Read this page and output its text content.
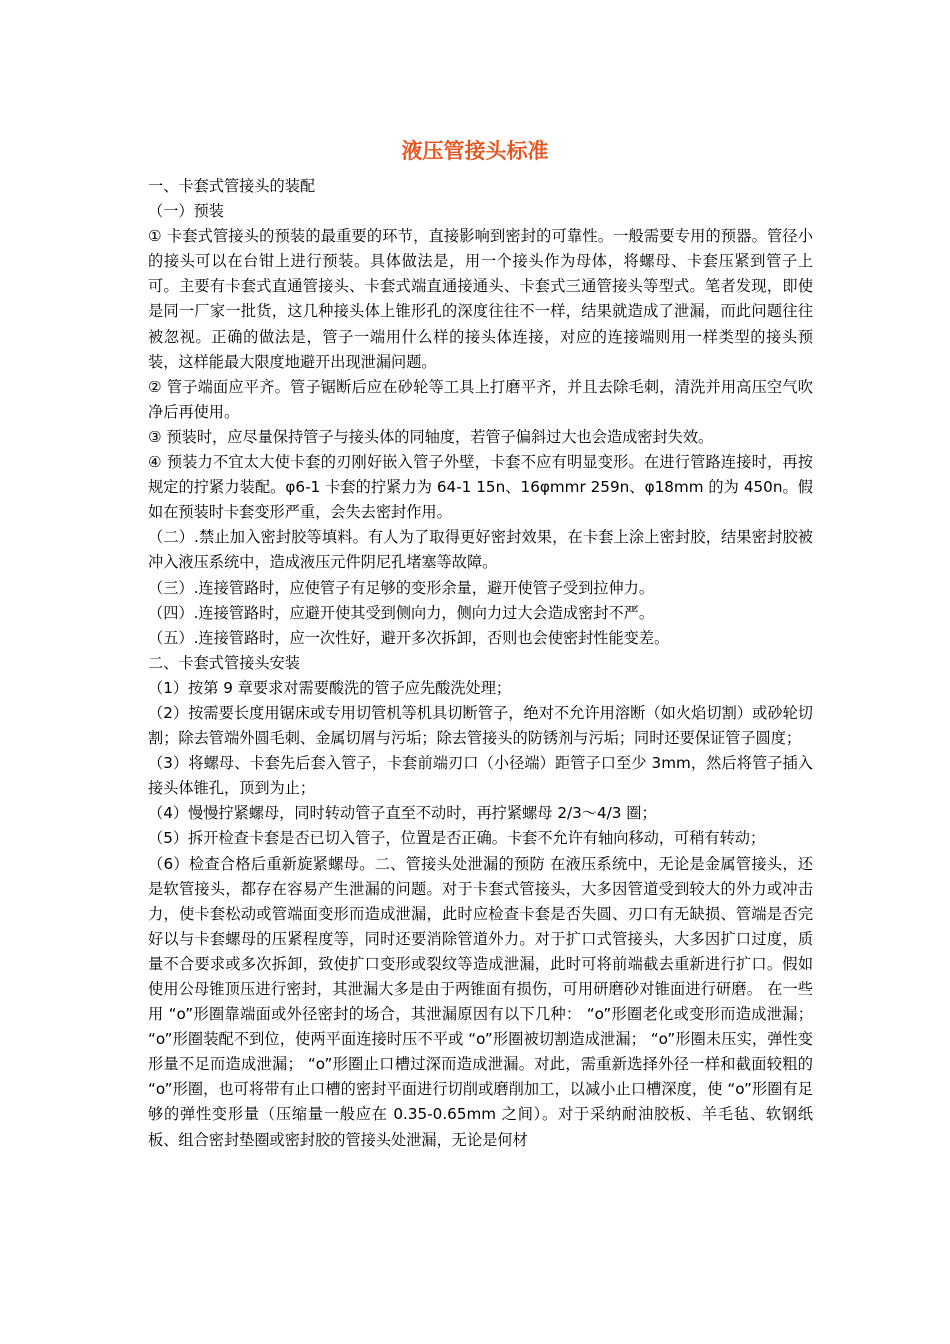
液压管接头标准

一、卡套式管接头的装配

（一）预装

① 卡套式管接头的预装的最重要的环节，直接影响到密封的可靠性。一般需要专用的预器。管径小的接头可以在台钳上进行预装。具体做法是，用一个接头作为母体，将螺母、卡套压紧到管子上可。主要有卡套式直通管接头、卡套式端直通接通头、卡套式三通管接头等型式。笔者发现，即使是同一厂家一批货，这几种接头体上锥形孔的深度往往不一样，结果就造成了泄漏，而此问题往往被忽视。正确的做法是，管子一端用什么样的接头体连接，对应的连接端则用一样类型的接头预装，这样能最大限度地避开出现泄漏问题。

② 管子端面应平齐。管子锯断后应在砂轮等工具上打磨平齐，并且去除毛刺，清洗并用高压空气吹净后再使用。

③ 预装时，应尽量保持管子与接头体的同轴度，若管子偏斜过大也会造成密封失效。

④ 预装力不宜太大使卡套的刃刚好嵌入管子外壁，卡套不应有明显变形。在进行管路连接时，再按规定的拧紧力装配。φ6-1 卡套的拧紧力为 64-1 15n、16φmmr 259n、φ18mm 的为 450n。假如在预装时卡套变形严重，会失去密封作用。

（二）.禁止加入密封胶等填料。有人为了取得更好密封效果，在卡套上涂上密封胶，结果密封胶被冲入液压系统中，造成液压元件阴尼孔堵塞等故障。

（三）.连接管路时，应使管子有足够的变形余量，避开使管子受到拉伸力。

（四）.连接管路时，应避开使其受到侧向力，侧向力过大会造成密封不严。

（五）.连接管路时，应一次性好，避开多次拆卸，否则也会使密封性能变差。

二、卡套式管接头安装

（1）按第 9 章要求对需要酸洗的管子应先酸洗处理；

（2）按需要长度用锯床或专用切管机等机具切断管子，绝对不允许用溶断（如火焰切割）或砂轮切割；除去管端外圆毛刺、金属切屑与污垢；除去管接头的防锈剂与污垢；同时还要保证管子圆度；

（3）将螺母、卡套先后套入管子，卡套前端刃口（小径端）距管子口至少 3mm，然后将管子插入接头体锥孔，顶到为止；

（4）慢慢拧紧螺母，同时转动管子直至不动时，再拧紧螺母 2/3～4/3 圈；

（5）拆开检查卡套是否已切入管子，位置是否正确。卡套不允许有轴向移动，可稍有转动；

（6）检查合格后重新旋紧螺母。二、管接头处泄漏的预防 在液压系统中，无论是金属管接头，还是软管接头，都存在容易产生泄漏的问题。对于卡套式管接头，大多因管道受到较大的外力或冲击力，使卡套松动或管端面变形而造成泄漏，此时应检查卡套是否失圆、刃口有无缺损、管端是否完好以与卡套螺母的压紧程度等，同时还要消除管道外力。对于扩口式管接头，大多因扩口过度，质量不合要求或多次拆卸，致使扩口变形或裂纹等造成泄漏，此时可将前端截去重新进行扩口。假如使用公母锥顶压进行密封，其泄漏大多是由于两锥面有损伤，可用研磨砂对锥面进行研磨。 在一些用 “o”形圈靠端面或外径密封的场合，其泄漏原因有以下几种： “o”形圈老化或变形而造成泄漏； “o”形圈装配不到位，使两平面连接时压不平或 “o”形圈被切割造成泄漏； “o”形圈未压实，弹性变形量不足而造成泄漏； “o”形圈止口槽过深而造成泄漏。对此，需重新选择外径一样和截面较粗的 “o”形圈，也可将带有止口槽的密封平面进行切削或磨削加工，以减小止口槽深度，使 “o”形圈有足够的弹性变形量（压缩量一般应在 0.35-0.65mm 之间）。对于采纳耐油胶板、羊毛毡、软钢纸板、组合密封垫圈或密封胶的管接头处泄漏，无论是何材
